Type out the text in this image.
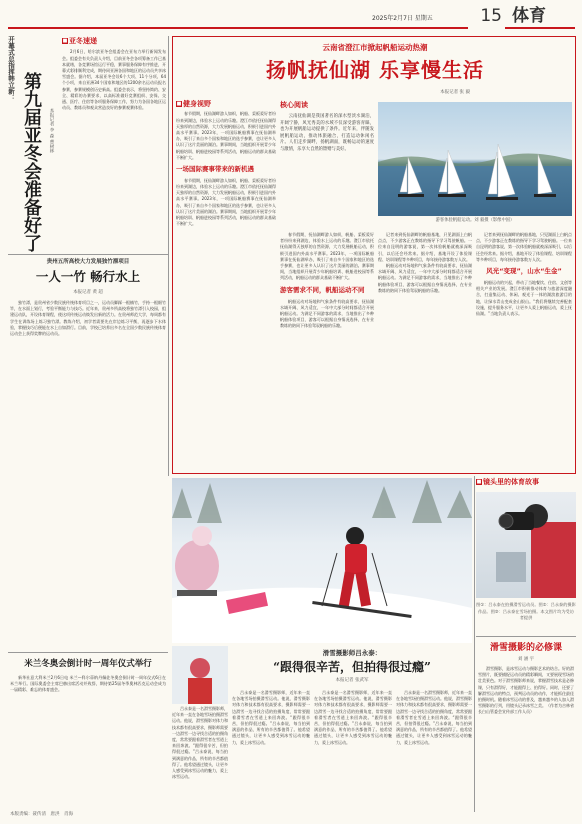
2025年2月7日 星期五	15 体育
开幕式总指挥韩立新：
第九届亚冬会准备好了	本报记者 李 森 曹树林
■ 亚冬速递
2月6日，哈尔滨亚冬会组委会在亚布力举行新闻发布会。组委会有关负责人介绍，目前亚冬会各项筹备工作已基本就绪，各竞赛场馆运行平稳，赛事服务保障有序推进，开幕式彩排顺利完成，期待同亚洲各国和地区的运动员共享冰雪盛会。据介绍，本届亚冬会设6个大项、11个分项、64个小项，来自亚洲34个国家和地区的1200余名运动员报名参赛，参赛规模创历史新高。组委会表示，将坚持简约、安全、精彩的办赛要求，以高标准做好竞赛组织、安保、交通、医疗、住宿等各项服务保障工作，努力为各国各地区运动员、教练员和观众营造良好的参赛观赛体验。
贵州五所高校大力发展独竹漂项目
一人一竹 畅行水上
本报记者 黄 超

独竹漂，是贵州省少数民族传统体育项目之一，运动员脚踩一根楠竹，手持一根细竹竿，在水面上划行，考验平衡能力与技巧。近年来，贵州多所高校将独竹漂引入校园，组建运动队，开设体育课程，使这项传统运动焕发出新的活力。在贵州师范大学，每周都有学生在训练场上练习独竹漂。教练介绍，初学者需要先在岸边练习平衡，再逐步下水体验，掌握技巧后便能在水上自如滑行。目前，学校已培养出多名在全国少数民族传统体育运动会上获得奖牌的运动员。

米兰冬奥会倒计时一周年仪式举行

新华社意大利米兰2月6日电 米兰—科尔蒂纳丹佩佐冬奥会倒计时一周年仪式6日在米兰举行。国际奥委会主席巴赫出席活动并致辞，期待第25届冬季奥林匹克运动会成为一届精彩、难忘的体育盛会。

本版责编：聂传清　唐洪　肖海
云南省澄江市掀起帆船运动热潮
扬帆抚仙湖 乐享慢生活
本报记者 张 毅
■ 健身视野

春节假期，抚仙湖畔游人如织，帆船、桨板爱好者纷纷来到湖边，体验水上运动的乐趣。澄江市依托抚仙湖得天独厚的自然资源，大力发展帆船运动，积极引进国内外高水平赛事。2023年，一项国际帆船赛事在抚仙湖举办，吸引了来自多个国家和地区的选手参赛，也让更多人认识了这片美丽的湖泊。赛事期间，当地组织开展青少年帆船培训、帆船进校园等系列活动，帆船运动的群众基础不断扩大。

一场国际赛事带来的新机遇

春节假期，抚仙湖畔游人如织，帆船、桨板爱好者纷纷来到湖边，体验水上运动的乐趣。澄江市依托抚仙湖得天独厚的自然资源，大力发展帆船运动，积极引进国内外高水平赛事。2023年，一项国际帆船赛事在抚仙湖举办，吸引了来自多个国家和地区的选手参赛，也让更多人认识了这片美丽的湖泊。赛事期间，当地组织开展青少年帆船培训、帆船进校园等系列活动，帆船运动的群众基础不断扩大。

核心阅读
云南抚仙湖是我国著名的深水型淡水湖泊，开阔宁静，风光秀美的水域不仅深受游客青睐，也为开展帆船运动提供了条件。近年来，伴随发展帆船运动，推动体旅融合，打造运动休闲名片。人们走步湖畔，扬帆湖面，既畅运动的速度与激情，乐享大自然的馈赠与美好。
游客体验帆船运动。刘 毅摄（影像中国）

春节假期，抚仙湖畔游人如织，帆船、桨板爱好者纷纷来到湖边，体验水上运动的乐趣。澄江市依托抚仙湖得天独厚的自然资源，大力发展帆船运动，积极引进国内外高水平赛事。2023年，一项国际帆船赛事在抚仙湖举办，吸引了来自多个国家和地区的选手参赛，也让更多人认识了这片美丽的湖泊。赛事期间，当地组织开展青少年帆船培训、帆船进校园等系列活动，帆船运动的群众基础不断扩大。

游客需求不同，帆船运动不同

帆船运动对场地和气象条件有较高要求，抚仙湖水域开阔、风力适宜，一年中大部分时间都适合开展帆船运动。为满足不同游客的需求，当地推出了多种帆船体验项目，游客可以根据自身情况选择，在专业教练的陪同下体验驾驭帆船的乐趣。

记者来到抚仙湖畔的帆船基地，只见湖面上白帆点点，不少游客正在教练的指导下学习驾驶帆船。一位来自昆明的游客说，第一次体验帆船就被深深吸引，以后还会经常来。据介绍，基地开设了体验课程、培训课程等多种项目，每年接待游客数万人次。

帆船运动对场地和气象条件有较高要求，抚仙湖水域开阔、风力适宜，一年中大部分时间都适合开展帆船运动。为满足不同游客的需求，当地推出了多种帆船体验项目，游客可以根据自身情况选择，在专业教练的陪同下体验驾驭帆船的乐趣。

记者来到抚仙湖畔的帆船基地，只见湖面上白帆点点，不少游客正在教练的指导下学习驾驶帆船。一位来自昆明的游客说，第一次体验帆船就被深深吸引，以后还会经常来。据介绍，基地开设了体验课程、培训课程等多种项目，每年接待游客数万人次。

风光“变现”，山水“生金”

帆船运动的兴起，带动了当地餐饮、住宿、文创等相关产业的发展。澄江市积极推动体育与旅游深度融合，打造集运动、休闲、观光于一体的湖滨旅游目的地，让绿水青山变成金山银山。“我们将继续完善配套设施，提升服务水平，让更多人爱上帆船运动，爱上抚仙湖。”当地负责人表示。

■ 镜头里的体育故事
图①：吕永泰在拍摄滑雪运动员。图②：吕永泰的摄影作品。图③：吕永泰在雪场拍摄。本文图片均为受访者提供

吕永泰是一名滑雪摄影师，近年来一直在各地雪场拍摄滑雪运动。他说，滑雪摄影对体力和技术都有很高要求，摄影师需要一边滑雪一边寻找合适的拍摄角度，常常要跟着滑雪者在雪道上来回奔波。“跟得很辛苦，但拍得很过瘾。”吕永泰说，每当拍到满意的作品，所有的辛苦都值得了。他希望通过镜头，让更多人感受到冰雪运动的魅力，爱上冰雪运动。

滑雪摄影师吕永泰：
“跟得很辛苦，但拍得很过瘾”
本报记者 张武军

吕永泰是一名滑雪摄影师，近年来一直在各地雪场拍摄滑雪运动。他说，滑雪摄影对体力和技术都有很高要求，摄影师需要一边滑雪一边寻找合适的拍摄角度，常常要跟着滑雪者在雪道上来回奔波。“跟得很辛苦，但拍得很过瘾。”吕永泰说，每当拍到满意的作品，所有的辛苦都值得了。他希望通过镜头，让更多人感受到冰雪运动的魅力，爱上冰雪运动。

吕永泰是一名滑雪摄影师，近年来一直在各地雪场拍摄滑雪运动。他说，滑雪摄影对体力和技术都有很高要求，摄影师需要一边滑雪一边寻找合适的拍摄角度，常常要跟着滑雪者在雪道上来回奔波。“跟得很辛苦，但拍得很过瘾。”吕永泰说，每当拍到满意的作品，所有的辛苦都值得了。他希望通过镜头，让更多人感受到冰雪运动的魅力，爱上冰雪运动。

吕永泰是一名滑雪摄影师，近年来一直在各地雪场拍摄滑雪运动。他说，滑雪摄影对体力和技术都有很高要求，摄影师需要一边滑雪一边寻找合适的拍摄角度，常常要跟着滑雪者在雪道上来回奔波。“跟得很辛苦，但拍得很过瘾。”吕永泰说，每当拍到满意的作品，所有的辛苦都值得了。他希望通过镜头，让更多人感受到冰雪运动的魅力，爱上冰雪运动。

滑雪摄影的必修课
刘 涵 宇

滑雪摄影，是冰雪运动与摄影艺术的结合。好的滑雪照片，既要捕捉运动员的精彩瞬间，又要展现雪场的壮美景色。对于滑雪摄影师来说，掌握滑雪技术是必修课，只有滑得好，才能跟得上、拍得好。同时，还要了解滑雪运动的特点，预判运动员的动作，才能抓住最佳拍摄时机。随着冰雪运动的普及，越来越多的人加入滑雪摄影的行列，用镜头记录冰雪之美。（作者为吉林省长白山管委会宣传部工作人员）
